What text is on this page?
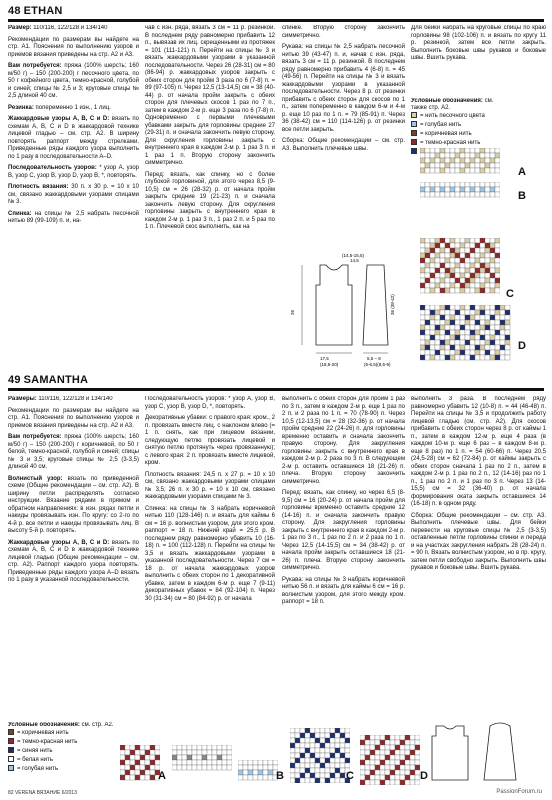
48 ETHAN

Размер: 110/116, 122/128 и 134/140

Рекомендации по размерам вы найдете на стр. А1. Пояснения по выполнению узоров и приемов вязания приведены на стр. А2 и А3.

Вам потребуется: пряжа (100% шерсть; 160 м/50 г) – 150 (200-200) г песочного цвета, по 50 г кофейного цвета, темно-красной, голубой и синей; спицы № 2,5 и 3; круговые спицы № 2,5 длиной 40 см.

Резинка: попеременно 1 изн., 1 лиц.

Жаккардовые узоры А, В, С и D: вязать по схемам А, В, С и D в жаккардовой технике лицевой гладью – см. стр. А2. В ширину повторять раппорт между стрелками. Приведенные ряды каждого узора выполнить по 1 разу в последовательности A–D.

Последовательность узоров: * узор А, узор В, узор С, узор В, узор D, узор В, *, повторять.

Плотность вязания: 30 п. х 30 р. = 10 х 10 см, связано жаккардовыми узорами спицами № 3.

Спинка: на спицы № 2,5 набрать песочной нитью 89 (99-109) п. и, на-

чав с изн. ряда, вязать 3 см = 11 р. резинкой. В последнем ряду равномерно прибавить 12 п., вывязав их лиц. скрещенными из протяжек = 101 (111-121) п. Перейти на спицы № 3 и вязать жаккардовыми узорами в указанной последовательности. Через 26 (28-31) см = 80 (86-94) р. жаккардовых узоров закрыть с обеих сторон для пройм 3 раза по 6 (7-8) п. = 89 (97-105) п. Через 12,5 (13-14,5) см = 38 (40-44) р. от начала пройм закрыть с обеих сторон для плечевых скосов 1 раз по 7 п., затем в каждом 2-м р. еще 3 раза по 6 (7-8) п. Одновременно с первыми плечевыми убавками закрыть для горловины средние 27 (29-31) п. и сначала закончить левую сторону. Для скругления горловины закрыть с внутреннего края в каждом 2-м р. 1 раз 3 п. и 1 раз 1 п. Вторую сторону закончить симметрично.

Перед: вязать, как спинку, но с более глубокой горловиной, для этого через 8,5 (9-10,5) см = 26 (28-32) р. от начала пройм закрыть средние 19 (21-23) п. и сначала закончить левую сторону. Для скругления горловины закрыть с внутреннего края в каждом 2-м р. 1 раз 3 п., 1 раз 2 п. и 5 раз по 1 п. Плечевой скос выполнить, как на

спинке. Вторую сторону закончить симметрично.

Рукава: на спицы № 2,5 набрать песочной нитью 39 (43-47) п. и, начав с изн. ряда, вязать 3 см = 11 р. резинкой. В последнем ряду равномерно прибавить 4 (6-8) п. = 45 (49-56) п. Перейти на спицы № 3 и вязать жаккардовыми узорами в указанной последовательности. Через 8 р. от резинки прибавить с обеих сторон для скосов по 1 п., затем попеременно в каждом 6-м и 4-м р. еще 10 раз по 1 п. = 79 (85-91) п. Через 36 (38-42) см = 110 (114-126) р. от резинки все петли закрыть.

Сборка: Общие рекомендации – см. стр. А3. Выполнить плечевые швы.

(14,5-15,5)
14,5
17,5
(18,5-20)
5,5 – 8
(6-6,5)(8,5-9)
26	36 (38-42)

Для бейки набрать на круговые спицы по краю горловины 98 (102-106) п. и вязать по кругу 11 р. резинкой, затем все петли закрыть. Выполнить боковые швы рукавов и боковые швы. Вшить рукава.

Условные обозначения: см. также стр. А2.

= нить песочного цвета
= голубая нить
= коричневая нить
= темно-красная нить
A
B
C
D
49 SAMANTHA

Размеры: 110/116, 122/128 и 134/140

Рекомендации по размерам вы найдете на стр. А1. Пояснения по выполнению узоров и приемов вязания приведены на стр. А2 и А3.

Вам потребуется: пряжа (100% шерсть; 160 м/50 г) – 150 (200-200) г коричневой, по 50 г белой, темно-красной, голубой и синей; спицы № 3 и 3,5; круговые спицы № 2,5 (3-3,5) длиной 40 см.

Волнистый узор: вязать по приведенной схеме (Общие рекомендации – см. стр. А2). В ширину петли распределять согласно инструкции. Вязание рядами в прямом и обратном направлениях: в изн. рядах петли и накиды провязывать изн. По кругу: со 2-го по 4-й р. все петли и накиды провязывать лиц. В высоту 5-й р. повторять.

Жаккардовые узоры А, В, С и D: вязать по схемам А, В, С и D в жаккардовой технике лицевой гладью (Общие рекомендации – см. стр. А2). Раппорт каждого узора повторять. Приведенные ряды каждого узора A–D вязать по 1 разу в указанной последовательности.

Условные обозначения: см. стр. А2.

= коричневая нить
= темно-красная нить
= синяя нить
= белая нить
= голубая нить

Последовательность узоров: * узор А, узор В, узор С, узор В, узор D, *, повторять.

Декоративные убавки: с правого края: кром., 2 п. провязать вместе лиц. с наклоном влево (= 1 п. снять, как при лицевом вязании, следующую петлю провязать лицевой и снятую петлю протянуть через провязанную); с левого края: 2 п. провязать вместе лицевой, кром.

Плотность вязания: 24,5 п. х 27 р. = 10 х 10 см, связано жаккардовыми узорами спицами № 3,5; 26 п. х 30 р. = 10 х 10 см, связано жаккардовыми узорами спицами № 3.

Спинка: на спицы № 3 набрать коричневой нитью 110 (128-146) п. и вязать для каймы 6 см = 16 р. волнистым узором, для этого кром. раппорт = 18 п. Нижний край = 25,5 р. В последнем ряду равномерно убавить 10 (16-18) п. = 100 (112-128) п. Перейти на спицы № 3,5 и вязать жаккардовыми узорами в указанной последовательности. Через 7 см = 18 р. от начала жаккардовых узоров выполнить с обеих сторон по 1 декоративной убавке, затем в каждом 6-м р. еще 7 (9-11) декоративных убавок = 84 (92-104) п. Через 30 (31-34) см = 80 (84-92) р. от начала

выполнить с обеих сторон для пройм 1 раз по 3 п., затем в каждом 2-м р. еще 1 раз по 2 п. и 2 раза по 1 п. = 70 (78-90) п. Через 10,5 (12-13,5) см = 28 (32-36) р. от начала пройм средние 22 (24-26) п. для горловины временно оставить и сначала закончить правую сторону. Для закругления горловины закрыть с внутреннего края в каждом 2-м р. 2 раза по 3 п. В следующем 2-м р. оставить оставшиеся 18 (21-26) п. плеча. Вторую сторону закончить симметрично.

Перед: вязать, как спинку, но через 6,5 (8-9,5) см = 16 (20-24) р. от начала пройм для горловины временно оставить средние 12 (14-16) п. и сначала закончить правую сторону. Для закругления горловины закрыть с внутреннего края в каждом 2-м р. 1 раз по 3 п., 1 раз по 2 п. и 2 раза по 1 п. Через 12,5 (14-15,5) см = 34 (38-42) р. от начала пройм закрыть оставшиеся 18 (21-26) п. плеча. Вторую сторону закончить симметрично.

Рукава: на спицы № 3 набрать коричневой нитью 56 п. и вязать для каймы 6 см = 16 р. волнистым узором, для этого между кром. раппорт = 18 п.

выполнить 3 раза. В последнем ряду равномерно убавить 12 (10-8) п. = 44 (46-48) п. Перейти на спицы № 3,5 и продолжить работу лицевой гладью (см. стр. А2). Для скосов прибавить с обеих сторон через 8 р. от каймы 1 п., затем в каждом 12-м р. еще 4 раза (в каждом 10-м р. еще 6 раз – в каждом 8-м р. еще 8 раз) по 1 п. = 54 (60-66) п. Через 20,5 (24,5-28) см = 62 (72-84) р. от каймы закрыть с обеих сторон сначала 1 раз по 2 п., затем в каждом 2-м р. 1 раз по 2 п., 12 (14-16) раз по 1 п., 1 раз по 2 п. и 1 раз по 3 п. Через 13 (14-15,5) см = 32 (36-40) р. от начала формирования оката закрыть оставшиеся 14 (16-18) п. в одном ряду.

Сборка: Общие рекомендации – см. стр. А3. Выполнить плечевые швы. Для бейки перевести на круговые спицы № 2,5 (3-3,5) оставленные петли горловины спинки и переда и на участках закругления набрать 28 (28-24) п. = 90 п. Вязать волнистым узором, но в пр. кругу, затем петли свободно закрыть. Выполнить швы рукавов и боковые швы. Вшить рукава.

A	B	C	D
82 VERENA ВЯЗАНИЕ 6/2013	PassionForum.ru
